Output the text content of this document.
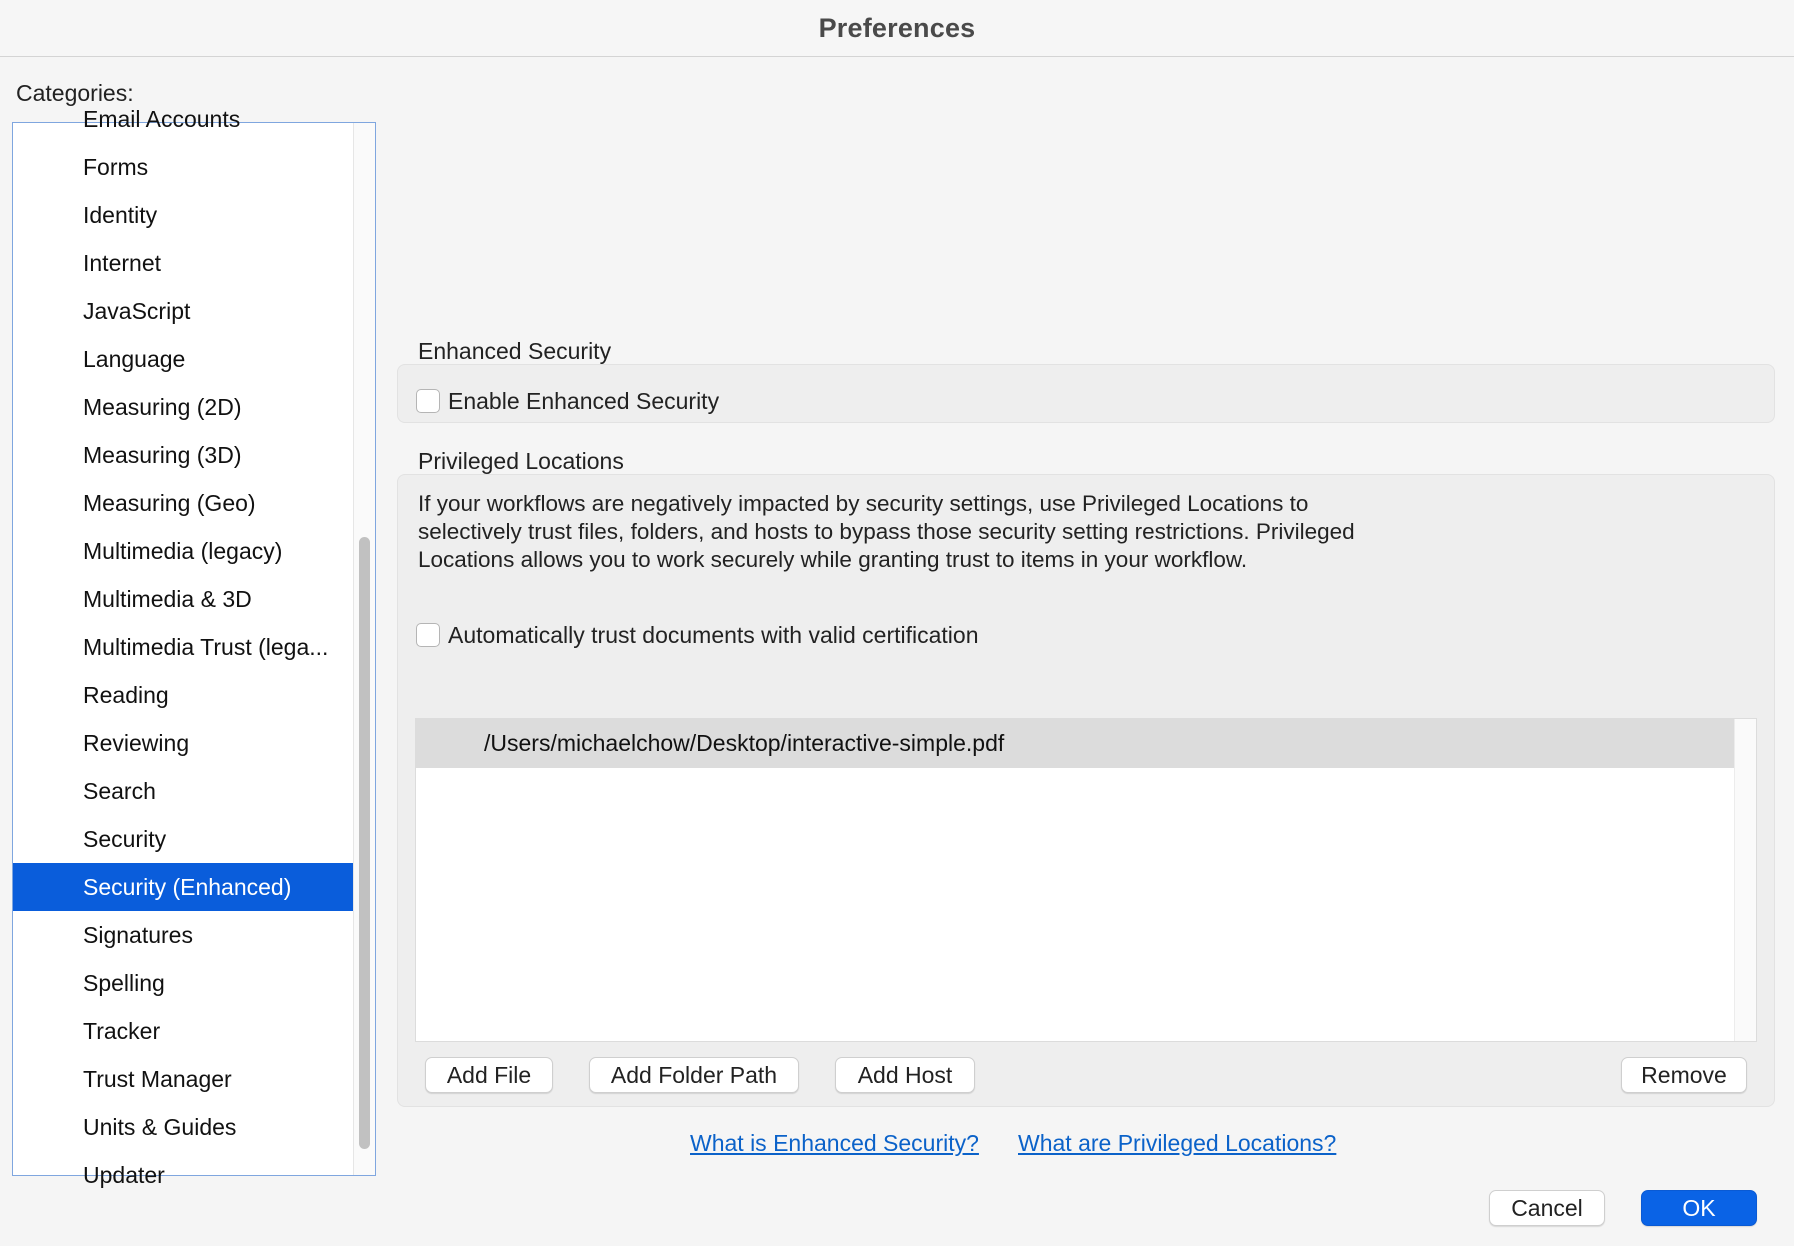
Preferences
Categories:
Email Accounts
Forms
Identity
Internet
JavaScript
Language
Measuring (2D)
Measuring (3D)
Measuring (Geo)
Multimedia (legacy)
Multimedia & 3D
Multimedia Trust (lega...
Reading
Reviewing
Search
Security
Security (Enhanced)
Signatures
Spelling
Tracker
Trust Manager
Units & Guides
Updater
Enhanced Security
Enable Enhanced Security
Privileged Locations
If your workflows are negatively impacted by security settings, use Privileged Locations to selectively trust files, folders, and hosts to bypass those security setting restrictions. Privileged Locations allows you to work securely while granting trust to items in your workflow.
Automatically trust documents with valid certification
/Users/michaelchow/Desktop/interactive-simple.pdf
Add File	Add Folder Path	Add Host	Remove
What is Enhanced Security? What are Privileged Locations?
Cancel	OK
